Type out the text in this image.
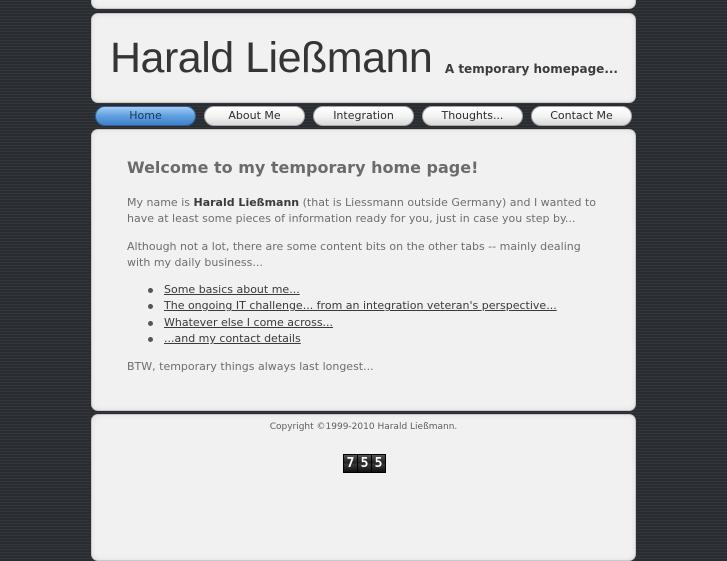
Harald Ließmann A temporary homepage...
Home	About Me	Integration	Thoughts...	Contact Me
Welcome to my temporary home page!

My name is Harald Ließmann (that is Liessmann outside Germany) and I wanted to have at least some pieces of information ready for you, just in case you step by...

Although not a lot, there are some content bits on the other tabs -- mainly dealing with my daily business...

Some basics about me...
The ongoing IT challenge... from an integration veteran's perspective...
Whatever else I come across...
...and my contact details

BTW, temporary things always last longest...

Copyright ©1999-2010 Harald Ließmann.
7 5 5
